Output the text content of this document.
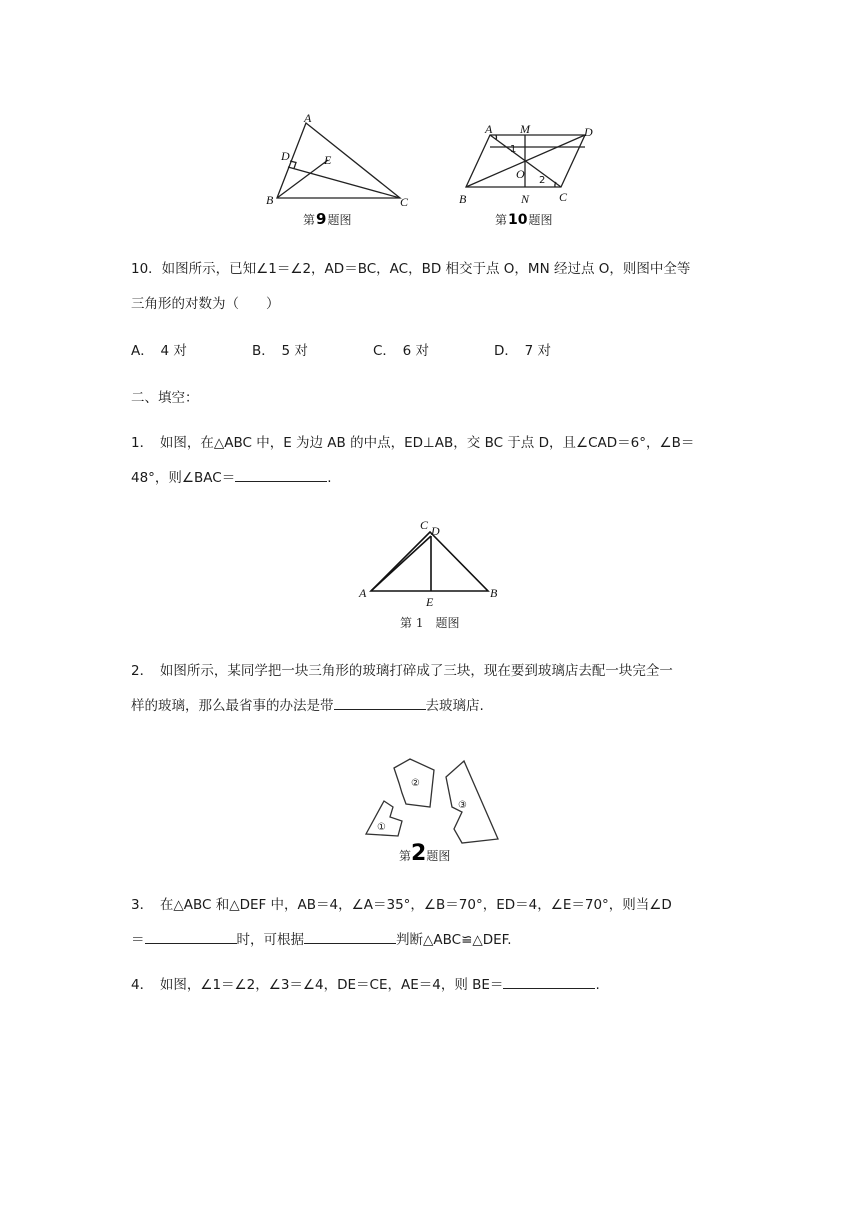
A
D	E
B	C
第9题图
A M	D
1
O 2
B	N C
第10题图

10．如图所示，已知∠1＝∠2，AD＝BC，AC，BD 相交于点 O，MN 经过点 O，则图中全等

三角形的对数为（　　）

A．　4 对	B．　5 对	C．　6 对	D．　7 对

二、填空：

1．　如图，在△ABC 中，E 为边 AB 的中点，ED⊥AB，交 BC 于点 D，且∠CAD＝6°，∠B＝

48°，则∠BAC＝	.

C D
A
E
B
第 1　题图

2．　如图所示，某同学把一块三角形的玻璃打碎成了三块，现在要到玻璃店去配一块完全一

样的玻璃，那么最省事的办法是带	去玻璃店.

①
②
③
第2题图

3．　在△ABC 和△DEF 中，AB＝4，∠A＝35°，∠B＝70°，ED＝4，∠E＝70°，则当∠D

＝	时，可根据	判断△ABC≌△DEF.

4．　如图，∠1＝∠2，∠3＝∠4，DE＝CE，AE＝4，则 BE＝	.
